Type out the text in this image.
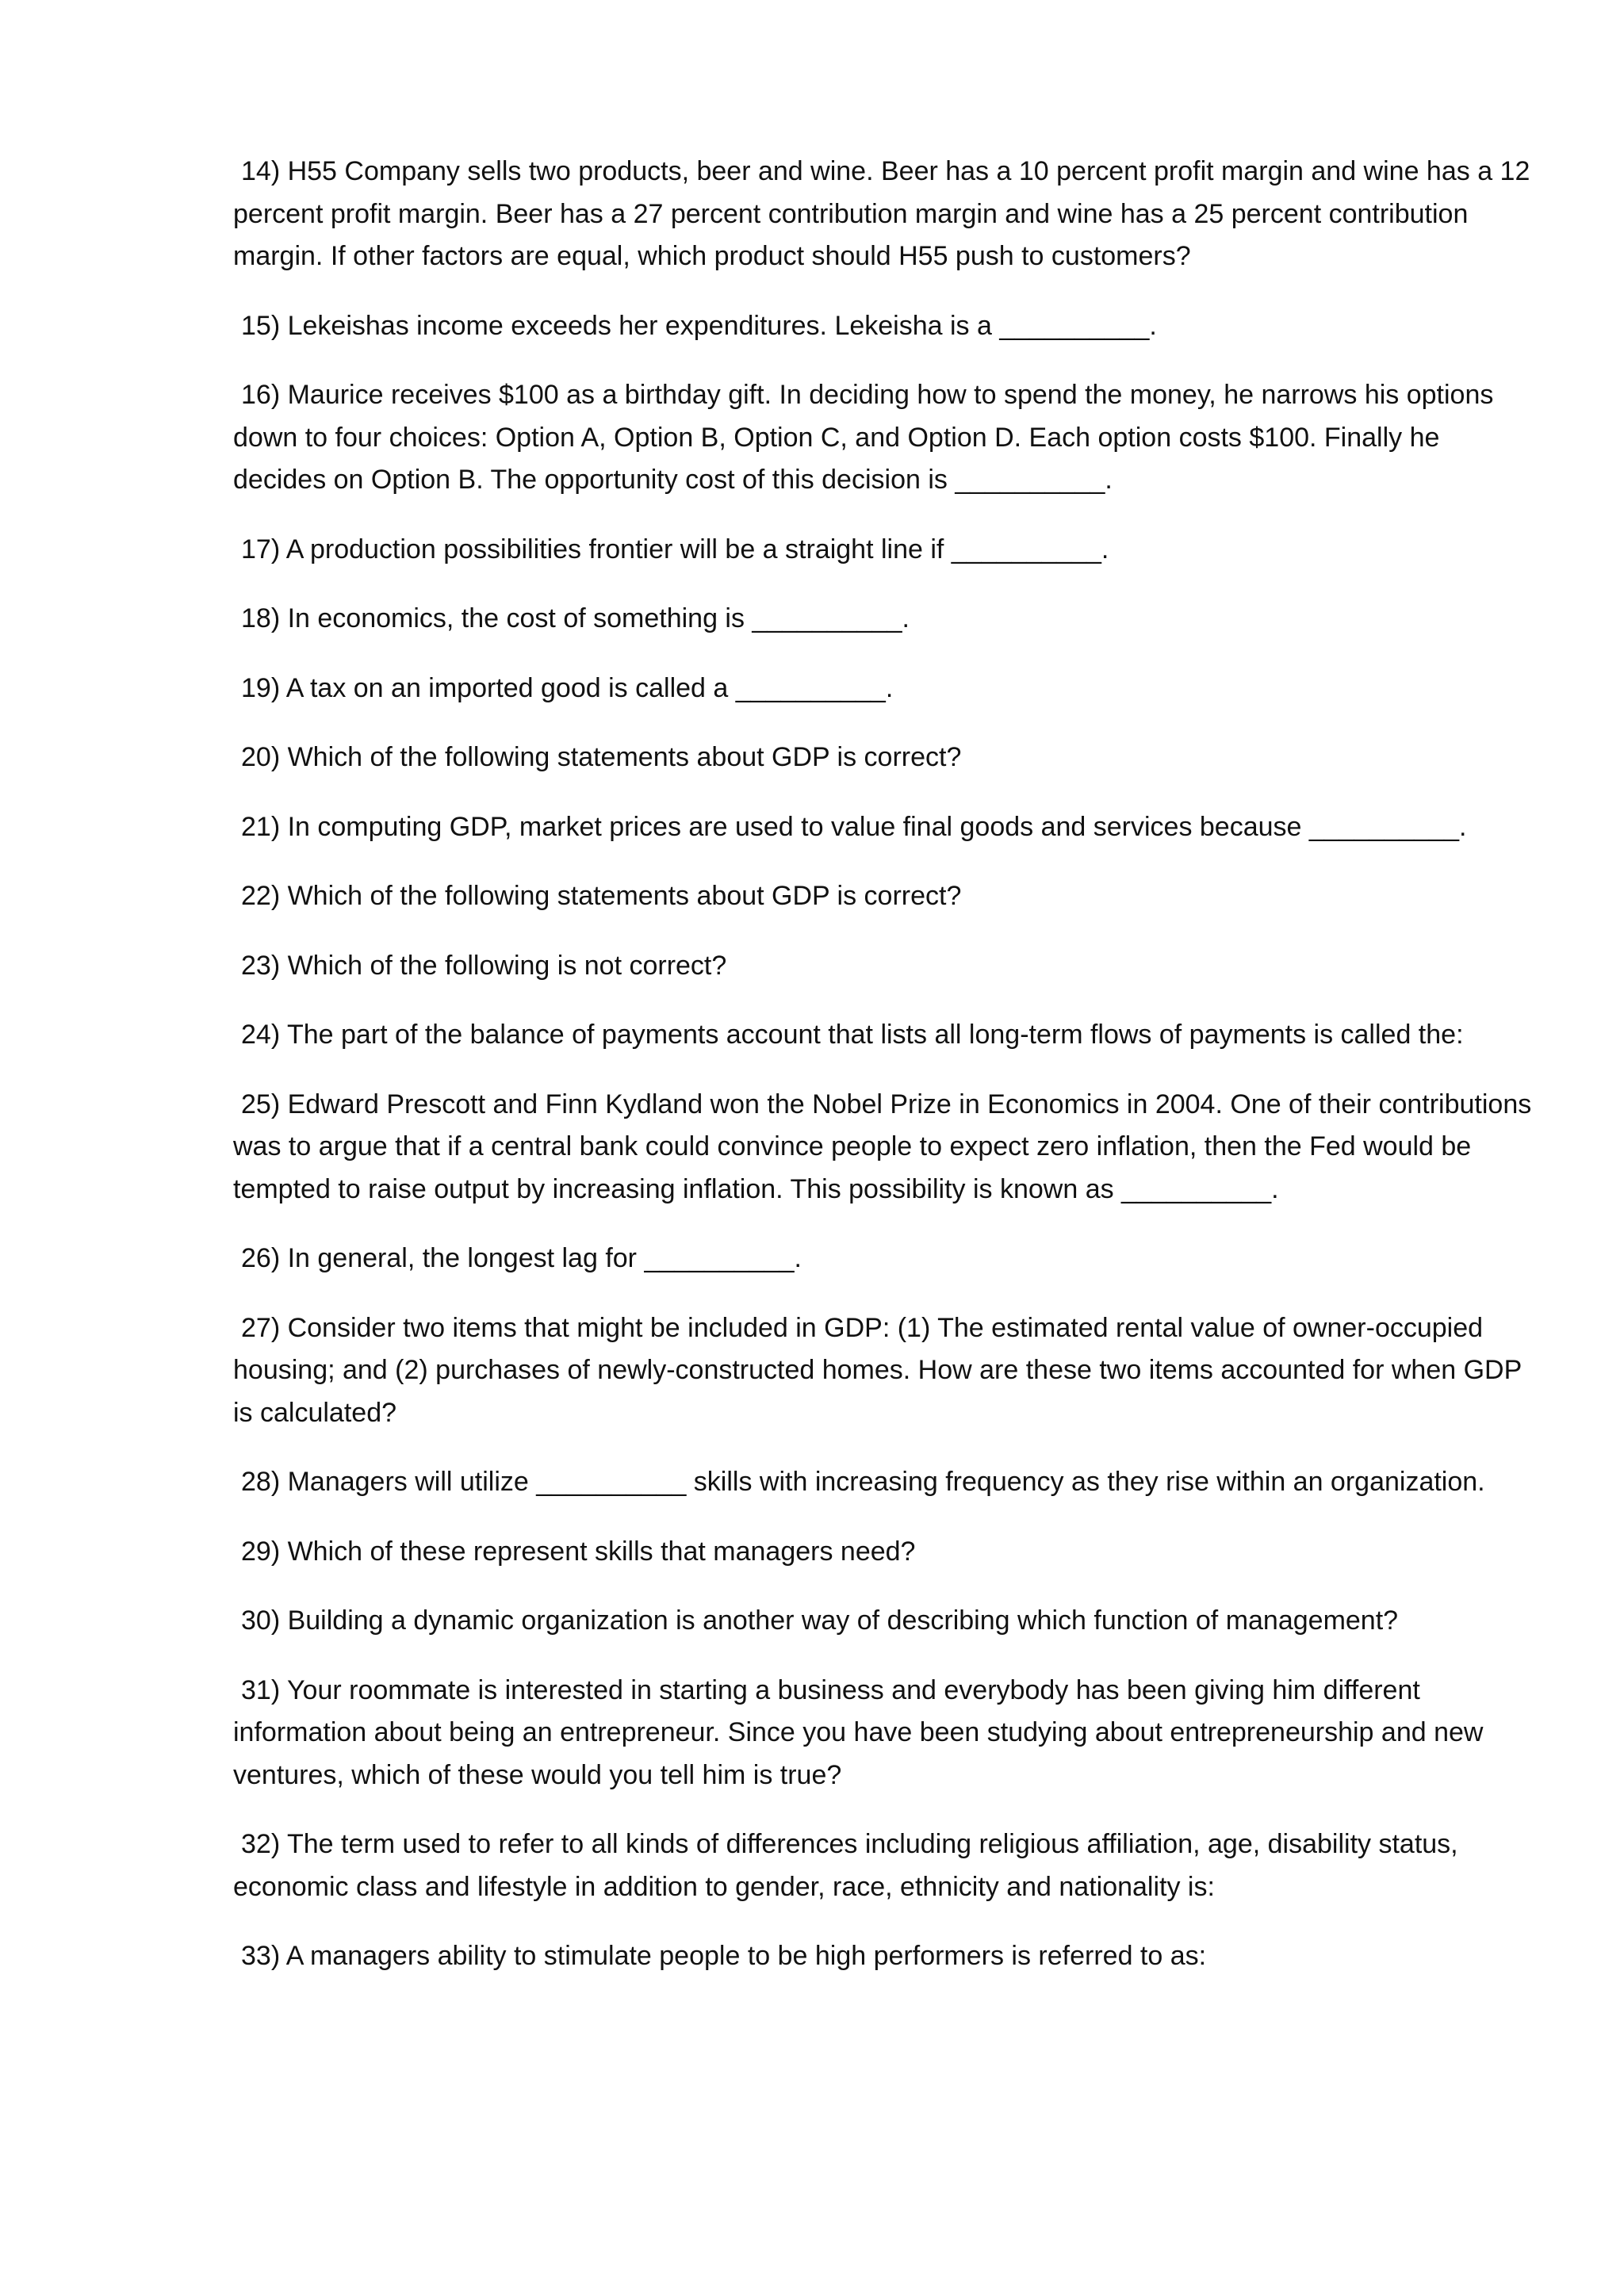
14) H55 Company sells two products, beer and wine. Beer has a 10 percent profit margin and wine has a 12 percent profit margin. Beer has a 27 percent contribution margin and wine has a 25 percent contribution margin. If other factors are equal, which product should H55 push to customers?
15) Lekeishas income exceeds her expenditures. Lekeisha is a __________.
16) Maurice receives $100 as a birthday gift. In deciding how to spend the money, he narrows his options down to four choices: Option A, Option B, Option C, and Option D. Each option costs $100. Finally he decides on Option B. The opportunity cost of this decision is __________.
17) A production possibilities frontier will be a straight line if __________.
18) In economics, the cost of something is __________.
19) A tax on an imported good is called a __________.
20) Which of the following statements about GDP is correct?
21) In computing GDP, market prices are used to value final goods and services because __________.
22) Which of the following statements about GDP is correct?
23) Which of the following is not correct?
24) The part of the balance of payments account that lists all long-term flows of payments is called the:
25) Edward Prescott and Finn Kydland won the Nobel Prize in Economics in 2004. One of their contributions was to argue that if a central bank could convince people to expect zero inflation, then the Fed would be tempted to raise output by increasing inflation. This possibility is known as __________.
26) In general, the longest lag for __________.
27) Consider two items that might be included in GDP: (1) The estimated rental value of owner-occupied housing; and (2) purchases of newly-constructed homes. How are these two items accounted for when GDP is calculated?
28) Managers will utilize __________ skills with increasing frequency as they rise within an organization.
29) Which of these represent skills that managers need?
30) Building a dynamic organization is another way of describing which function of management?
31) Your roommate is interested in starting a business and everybody has been giving him different information about being an entrepreneur. Since you have been studying about entrepreneurship and new ventures, which of these would you tell him is true?
32) The term used to refer to all kinds of differences including religious affiliation, age, disability status, economic class and lifestyle in addition to gender, race, ethnicity and nationality is:
33) A managers ability to stimulate people to be high performers is referred to as:
